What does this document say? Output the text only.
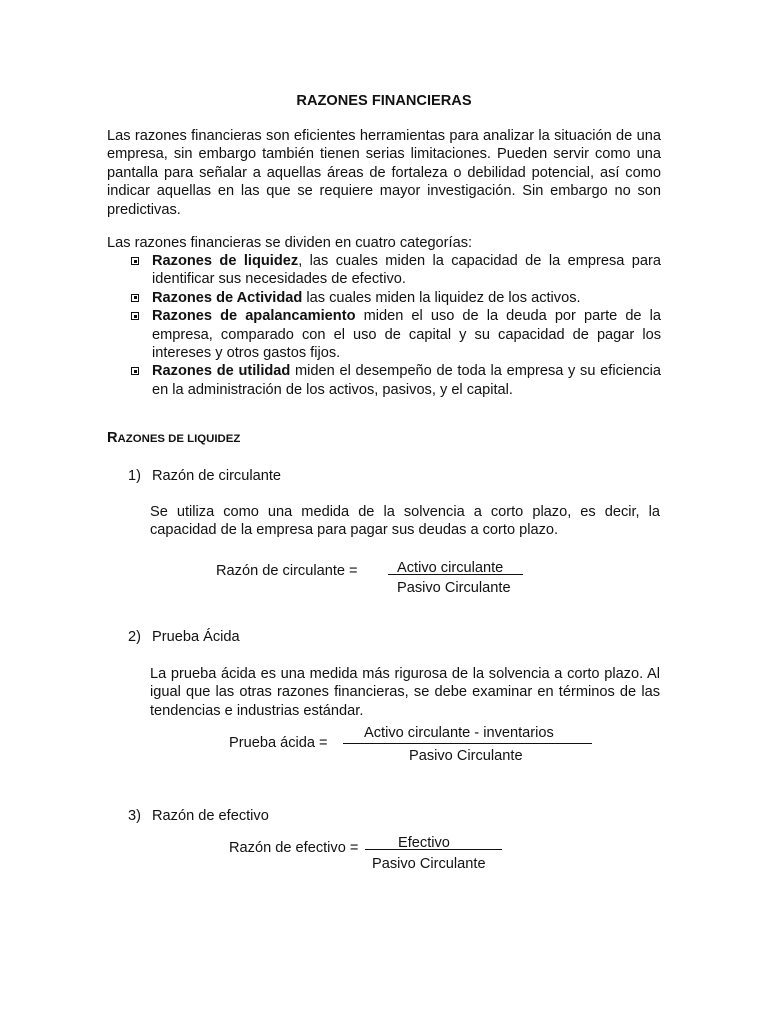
RAZONES FINANCIERAS
Las razones financieras son eficientes herramientas para analizar la situación de una empresa, sin embargo también tienen serias limitaciones. Pueden servir como una pantalla para señalar a aquellas áreas de fortaleza o debilidad potencial, así como indicar aquellas en las que se requiere mayor investigación. Sin embargo no son predictivas.
Las razones financieras se dividen en cuatro categorías:
Razones de liquidez, las cuales miden la capacidad de la empresa para identificar sus necesidades de efectivo.
Razones de Actividad las cuales miden la liquidez de los activos.
Razones de apalancamiento miden el uso de la deuda por parte de la empresa, comparado con el uso de capital y su capacidad de pagar los intereses y otros gastos fijos.
Razones de utilidad miden el desempeño de toda la empresa y su eficiencia en la administración de los activos, pasivos, y el capital.
RAZONES DE LIQUIDEZ
1) Razón de circulante
Se utiliza como una medida de la solvencia a corto plazo, es decir, la capacidad de la empresa para pagar sus deudas a corto plazo.
Razón de circulante =	Activo circulante
Pasivo Circulante
2) Prueba Ácida
La prueba ácida es una medida más rigurosa de la solvencia a corto plazo. Al igual que las otras razones financieras, se debe examinar en términos de las tendencias e industrias estándar.
Prueba ácida =
Activo circulante - inventarios
Pasivo Circulante
3) Razón de efectivo
Razón de efectivo =	Efectivo
Pasivo Circulante
